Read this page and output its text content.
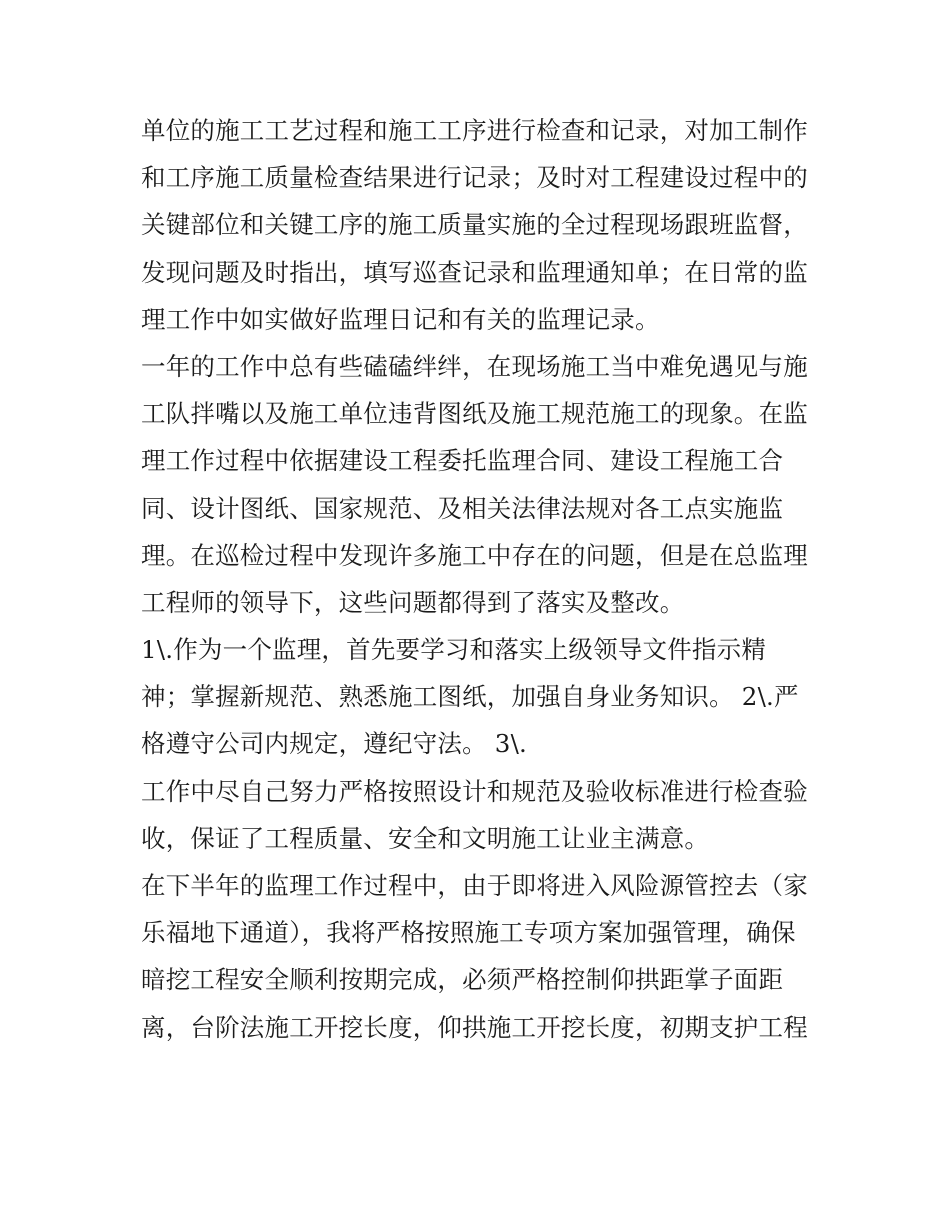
单位的施工工艺过程和施工工序进行检查和记录，对加工制作
和工序施工质量检查结果进行记录；及时对工程建设过程中的
关键部位和关键工序的施工质量实施的全过程现场跟班监督，
发现问题及时指出，填写巡查记录和监理通知单；在日常的监
理工作中如实做好监理日记和有关的监理记录。
一年的工作中总有些磕磕绊绊，在现场施工当中难免遇见与施
工队拌嘴以及施工单位违背图纸及施工规范施工的现象。在监
理工作过程中依据建设工程委托监理合同、建设工程施工合
同、设计图纸、国家规范、及相关法律法规对各工点实施监
理。在巡检过程中发现许多施工中存在的问题，但是在总监理
工程师的领导下，这些问题都得到了落实及整改。
1\.作为一个监理，首先要学习和落实上级领导文件指示精
神；掌握新规范、熟悉施工图纸，加强自身业务知识。 2\.严
格遵守公司内规定，遵纪守法。 3\.
工作中尽自己努力严格按照设计和规范及验收标准进行检查验
收，保证了工程质量、安全和文明施工让业主满意。
在下半年的监理工作过程中，由于即将进入风险源管控去（家
乐福地下通道），我将严格按照施工专项方案加强管理，确保
暗挖工程安全顺利按期完成，必须严格控制仰拱距掌子面距
离，台阶法施工开挖长度，仰拱施工开挖长度，初期支护工程
